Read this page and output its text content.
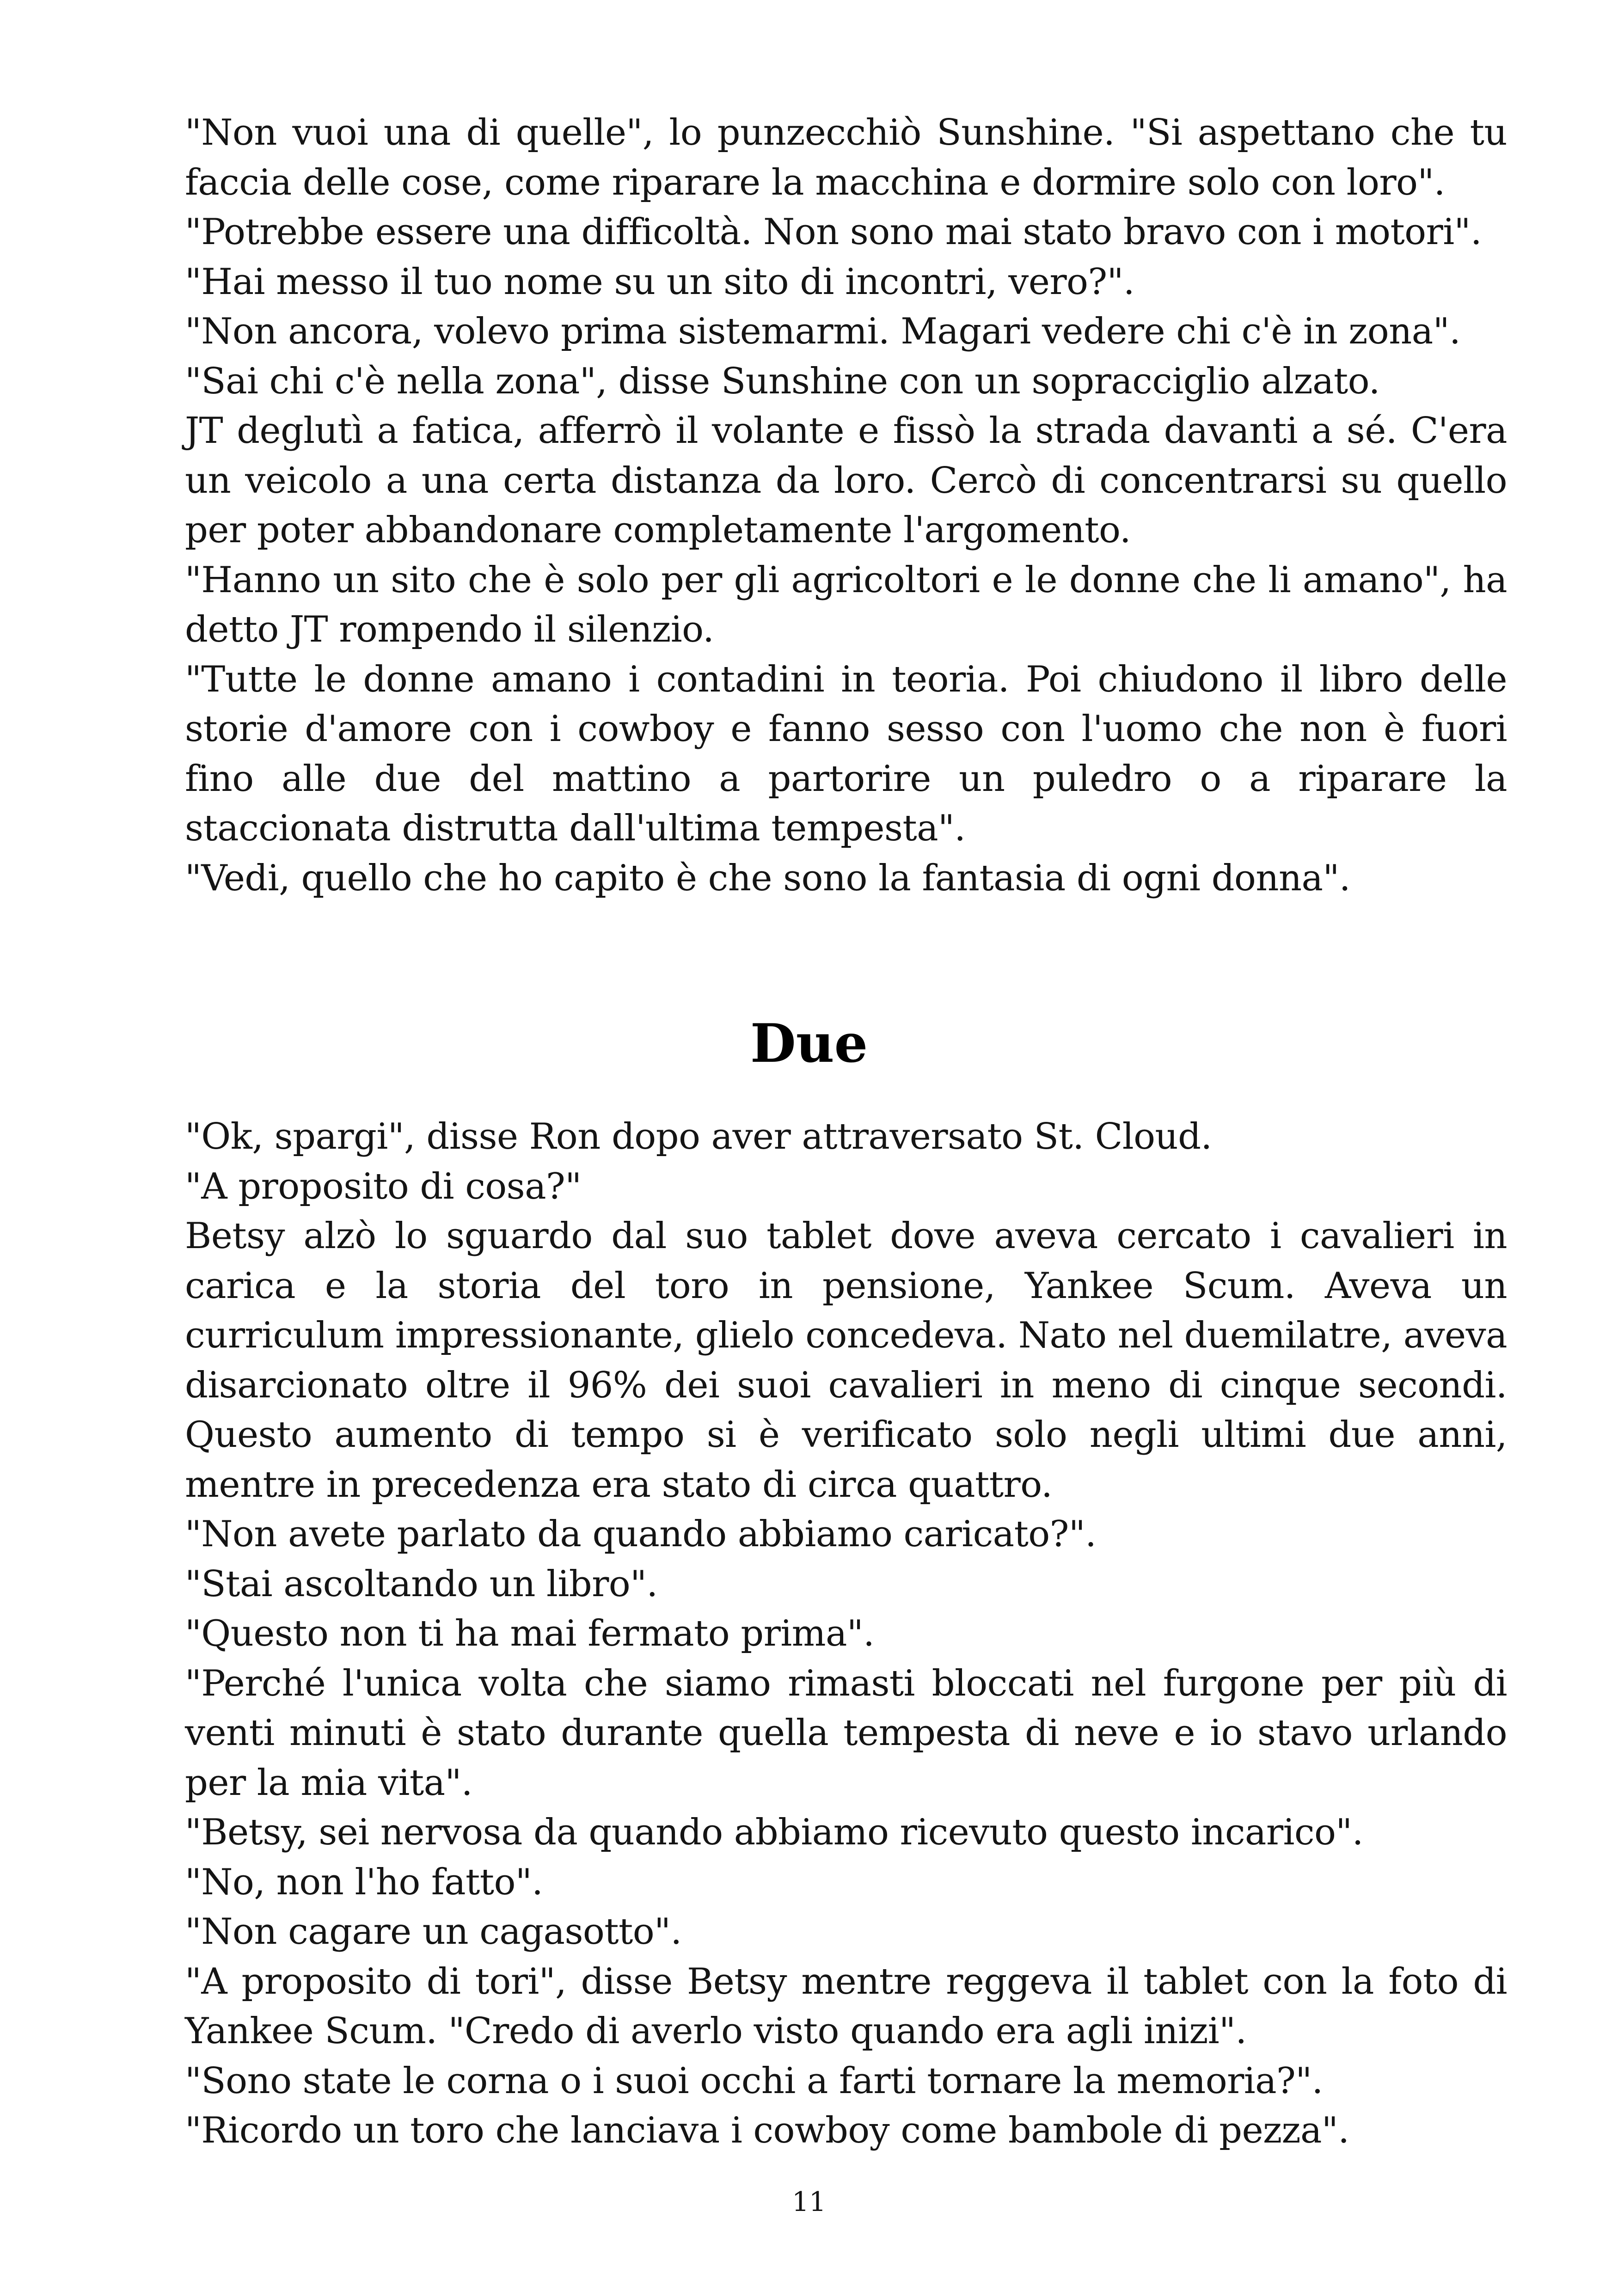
"Non vuoi una di quelle", lo punzecchiò Sunshine. "Si aspettano che tu faccia delle cose, come riparare la macchina e dormire solo con loro".

"Potrebbe essere una difficoltà. Non sono mai stato bravo con i motori".

"Hai messo il tuo nome su un sito di incontri, vero?".

"Non ancora, volevo prima sistemarmi. Magari vedere chi c'è in zona".

"Sai chi c'è nella zona", disse Sunshine con un sopracciglio alzato.

JT deglutì a fatica, afferrò il volante e fissò la strada davanti a sé. C'era un veicolo a una certa distanza da loro. Cercò di concentrarsi su quello per poter abbandonare completamente l'argomento.

"Hanno un sito che è solo per gli agricoltori e le donne che li amano", ha detto JT rompendo il silenzio.

"Tutte le donne amano i contadini in teoria. Poi chiudono il libro delle storie d'amore con i cowboy e fanno sesso con l'uomo che non è fuori fino alle due del mattino a partorire un puledro o a riparare la staccionata distrutta dall'ultima tempesta".

"Vedi, quello che ho capito è che sono la fantasia di ogni donna".

Due

"Ok, spargi", disse Ron dopo aver attraversato St. Cloud.

"A proposito di cosa?"

Betsy alzò lo sguardo dal suo tablet dove aveva cercato i cavalieri in carica e la storia del toro in pensione, Yankee Scum. Aveva un curriculum impressionante, glielo concedeva. Nato nel duemilatre, aveva disarcionato oltre il 96% dei suoi cavalieri in meno di cinque secondi. Questo aumento di tempo si è verificato solo negli ultimi due anni, mentre in precedenza era stato di circa quattro.

"Non avete parlato da quando abbiamo caricato?".

"Stai ascoltando un libro".

"Questo non ti ha mai fermato prima".

"Perché l'unica volta che siamo rimasti bloccati nel furgone per più di venti minuti è stato durante quella tempesta di neve e io stavo urlando per la mia vita".

"Betsy, sei nervosa da quando abbiamo ricevuto questo incarico".

"No, non l'ho fatto".

"Non cagare un cagasotto".

"A proposito di tori", disse Betsy mentre reggeva il tablet con la foto di Yankee Scum. "Credo di averlo visto quando era agli inizi".

"Sono state le corna o i suoi occhi a farti tornare la memoria?".

"Ricordo un toro che lanciava i cowboy come bambole di pezza".

11
